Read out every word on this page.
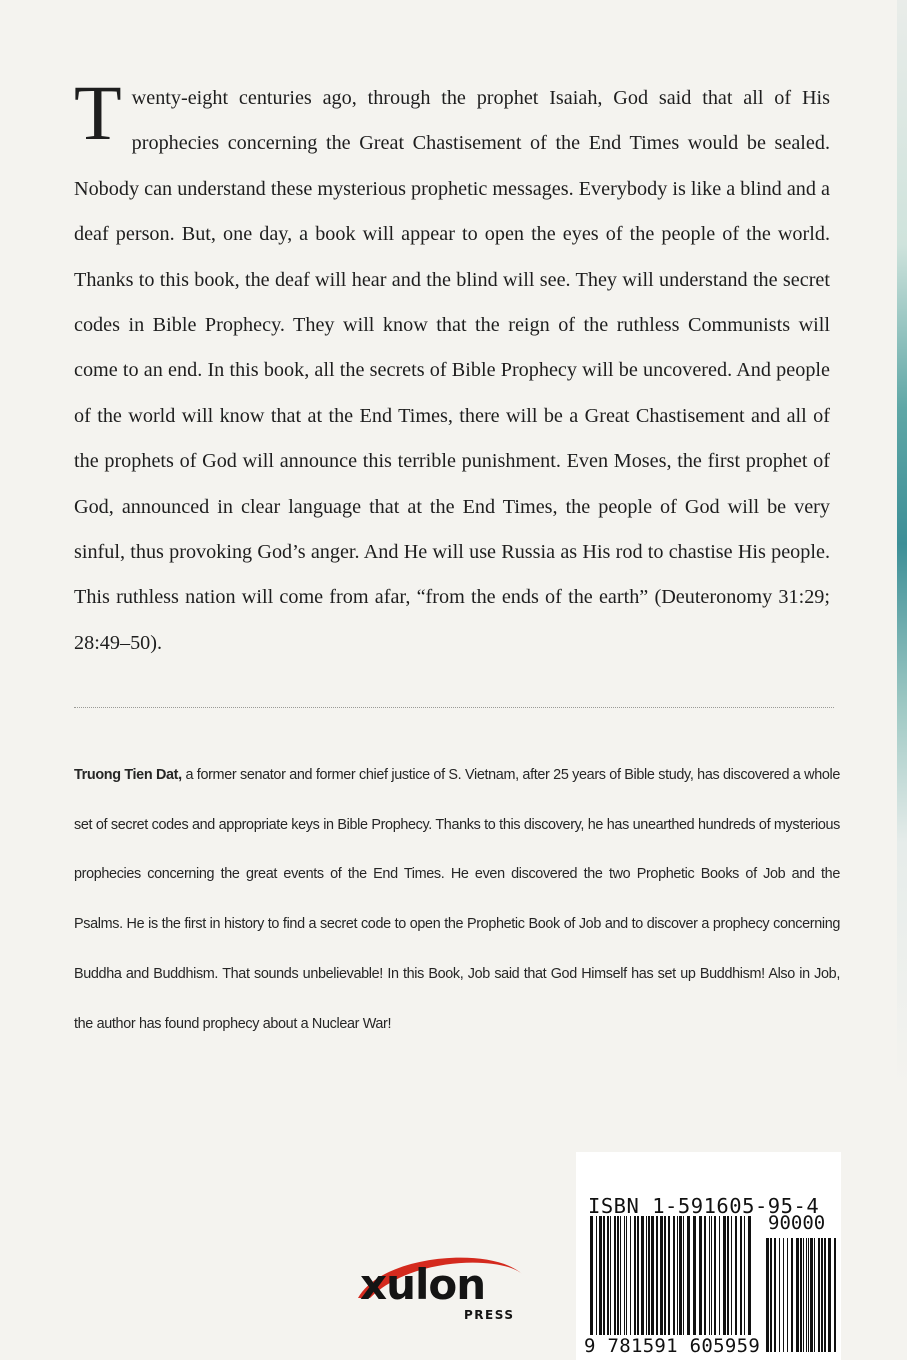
Twenty-eight centuries ago, through the prophet Isaiah, God said that all of His prophecies concerning the Great Chastisement of the End Times would be sealed. Nobody can understand these mysterious prophetic messages. Everybody is like a blind and a deaf person. But, one day, a book will appear to open the eyes of the people of the world. Thanks to this book, the deaf will hear and the blind will see. They will understand the secret codes in Bible Prophecy. They will know that the reign of the ruthless Communists will come to an end. In this book, all the secrets of Bible Prophecy will be uncovered. And people of the world will know that at the End Times, there will be a Great Chastisement and all of the prophets of God will announce this terrible punishment. Even Moses, the first prophet of God, announced in clear language that at the End Times, the people of God will be very sinful, thus provoking God’s anger. And He will use Russia as His rod to chastise His people. This ruthless nation will come from afar, “from the ends of the earth” (Deuteronomy 31:29; 28:49–50).
Truong Tien Dat, a former senator and former chief justice of S. Vietnam, after 25 years of Bible study, has discovered a whole set of secret codes and appropriate keys in Bible Prophecy. Thanks to this discovery, he has unearthed hundreds of mysterious prophecies concerning the great events of the End Times. He even discovered the two Prophetic Books of Job and the Psalms. He is the first in history to find a secret code to open the Prophetic Book of Job and to discover a prophecy concerning Buddha and Buddhism. That sounds unbelievable! In this Book, Job said that God Himself has set up Buddhism! Also in Job, the author has found prophecy about a Nuclear War!
xulon
PRESS
ISBN 1-591605-95-4
90000
9 781591 605959
